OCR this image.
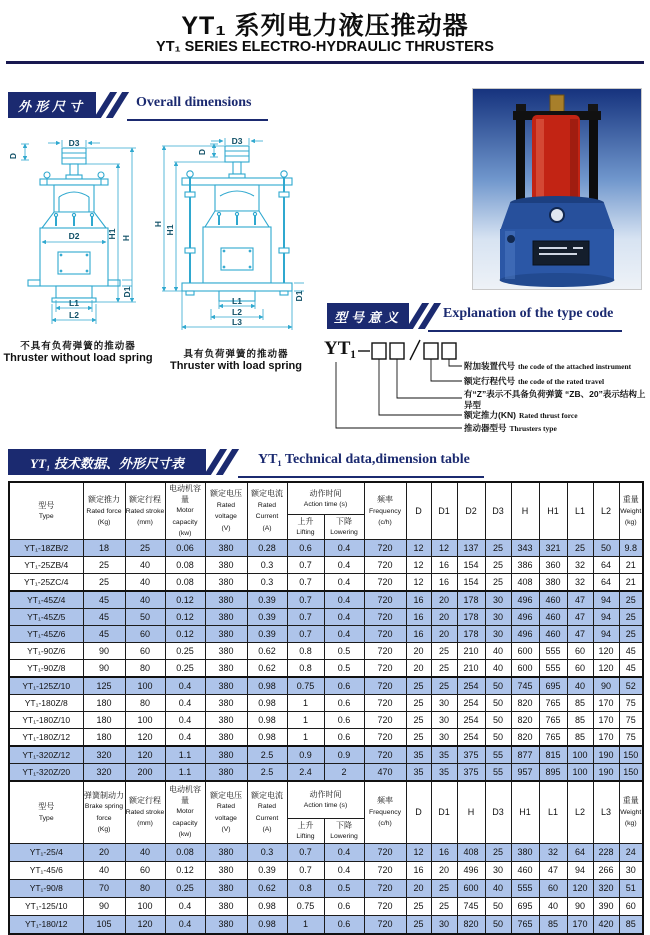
YT₁ 系列电力液压推动器
YT₁ SERIES ELECTRO-HYDRAULIC THRUSTERS
外形尺寸	Overall dimensions
D3
D
D2	H1 H
D1
L1
L2
D3
D
H
H1
D1
L1
L2
L3
不具有负荷弹簧的推动器
Thruster without load spring	具有负荷弹簧的推动器
Thruster with load spring
型号意义	Explanation of the type code
YT₁
附加装置代号 the code of the attached instrument
额定行程代号 the code of the rated travel
有“Z”表示不具备负荷弹簧 “ZB、20”表示结构上异型
额定推力(KN) Rated thrust force
推动器型号 Thrusters type
YT₁ 技术数据、外形尺寸表	YT₁ Technical data,dimension table
型号
Type	额定推力
Rated force
(Kg)	额定行程
Rated stroke
(mm)	电动机容量
Motor capacity
(kw)	额定电压
Rated voltage
(V)	额定电流
Rated Current
(A)	动作时间
Action time (s)		频率
Frequency
(c/h)	D	D1	D2	D3	H	H1	L1	L2	重量
Weight
(kg)
						上升
Lifting	下降
Lowering										
YT₁-18ZB/2	18	25	0.06	380	0.28	0.6	0.4	720	12	12	137	25	343	321	25	50	9.8
YT₁-25ZB/4	25	40	0.08	380	0.3	0.7	0.4	720	12	16	154	25	386	360	32	64	21
YT₁-25ZC/4	25	40	0.08	380	0.3	0.7	0.4	720	12	16	154	25	408	380	32	64	21
YT₁-45Z/4	45	40	0.12	380	0.39	0.7	0.4	720	16	20	178	30	496	460	47	94	25
YT₁-45Z/5	45	50	0.12	380	0.39	0.7	0.4	720	16	20	178	30	496	460	47	94	25
YT₁-45Z/6	45	60	0.12	380	0.39	0.7	0.4	720	16	20	178	30	496	460	47	94	25
YT₁-90Z/6	90	60	0.25	380	0.62	0.8	0.5	720	20	25	210	40	600	555	60	120	45
YT₁-90Z/8	90	80	0.25	380	0.62	0.8	0.5	720	20	25	210	40	600	555	60	120	45
YT₁-125Z/10	125	100	0.4	380	0.98	0.75	0.6	720	25	25	254	50	745	695	40	90	52
YT₁-180Z/8	180	80	0.4	380	0.98	1	0.6	720	25	30	254	50	820	765	85	170	75
YT₁-180Z/10	180	100	0.4	380	0.98	1	0.6	720	25	30	254	50	820	765	85	170	75
YT₁-180Z/12	180	120	0.4	380	0.98	1	0.6	720	25	30	254	50	820	765	85	170	75
YT₁-320Z/12	320	120	1.1	380	2.5	0.9	0.9	720	35	35	375	55	877	815	100	190	150
YT₁-320Z/20	320	200	1.1	380	2.5	2.4	2	470	35	35	375	55	957	895	100	190	150
型号
Type	弹簧制动力
Brake spring force
(Kg)	额定行程
Rated stroke
(mm)	电动机容量
Motor capacity
(kw)	额定电压
Rated voltage
(V)	额定电流
Rated Current
(A)	动作时间
Action time (s)		频率
Frequency
(c/h)	D	D1	H	D3	H1	L1	L2	L3	重量
Weight
(kg)
						上升
Lifting	下降
Lowering										
YT₁-25/4	20	40	0.08	380	0.3	0.7	0.4	720	12	16	408	25	380	32	64	228	24
YT₁-45/6	40	60	0.12	380	0.39	0.7	0.4	720	16	20	496	30	460	47	94	266	30
YT₁-90/8	70	80	0.25	380	0.62	0.8	0.5	720	20	25	600	40	555	60	120	320	51
YT₁-125/10	90	100	0.4	380	0.98	0.75	0.6	720	25	25	745	50	695	40	90	390	60
YT₁-180/12	105	120	0.4	380	0.98	1	0.6	720	25	30	820	50	765	85	170	420	85
